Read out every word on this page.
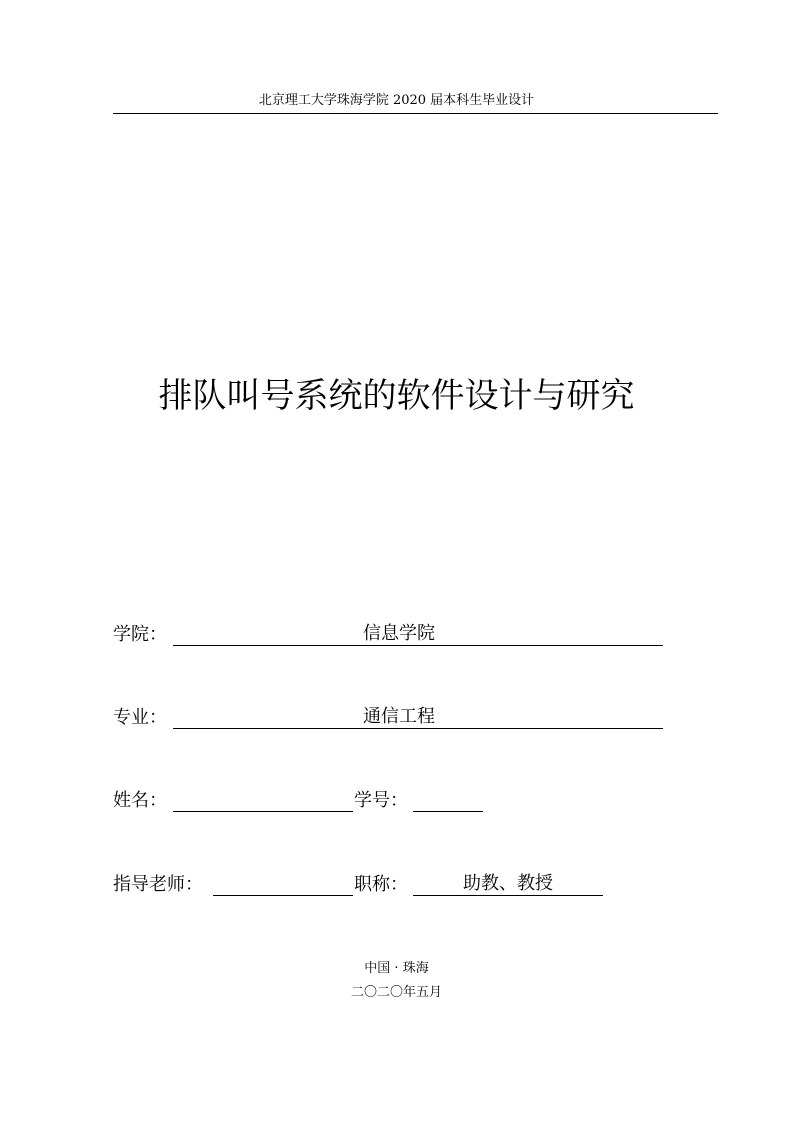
北京理工大学珠海学院 2020 届本科生毕业设计
排队叫号系统的软件设计与研究
学院：	信息学院
专业：	通信工程
姓名：	学号：
指导老师：	职称：	助教、教授
中国 · 珠海
二〇二〇年五月
